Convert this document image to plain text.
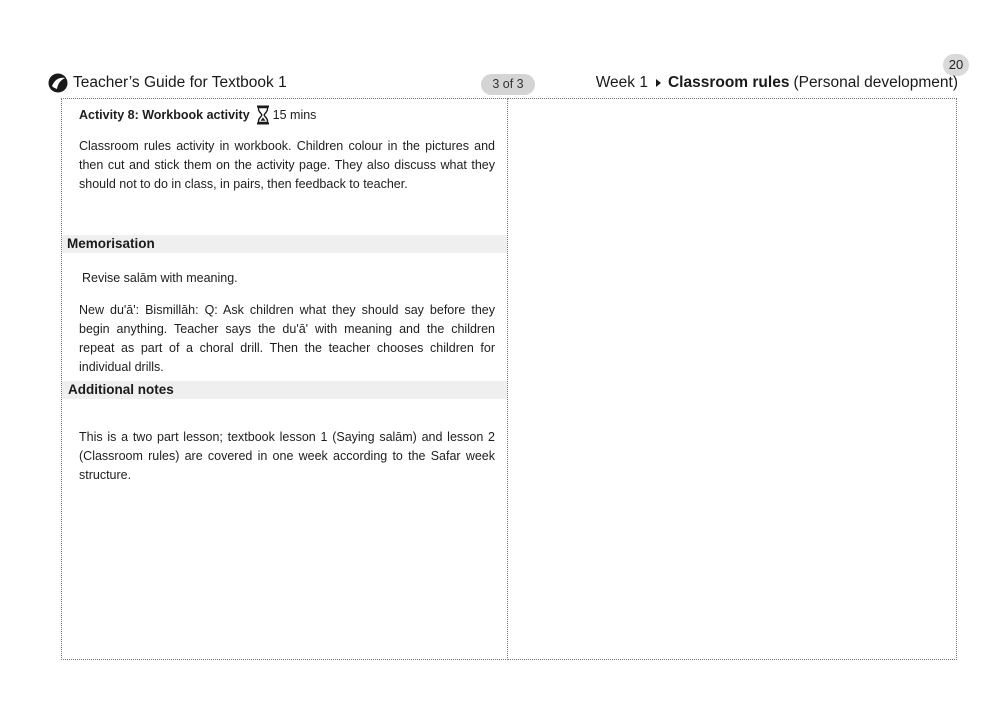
20
Teacher’s Guide for Textbook 1	3 of 3	Week 1 Classroom rules (Personal development)
Activity 8: Workbook activity 15 mins

Classroom rules activity in workbook. Children colour in the pictures and then cut and stick them on the activity page. They also discuss what they should not to do in class, in pairs, then feedback to teacher.

Memorisation

Revise salām with meaning.

New du'ā': Bismillāh: Q: Ask children what they should say before they begin anything. Teacher says the du'ā' with meaning and the children repeat as part of a choral drill. Then the teacher chooses children for individual drills.

Additional notes

This is a two part lesson; textbook lesson 1 (Saying salām) and lesson 2 (Classroom rules) are covered in one week according to the Safar week structure.
